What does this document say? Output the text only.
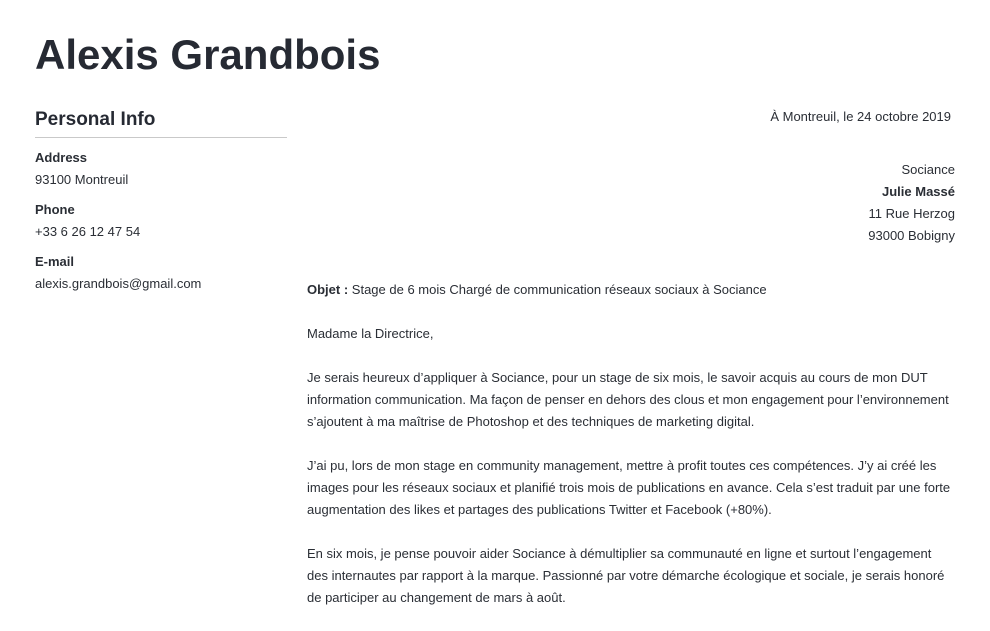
Alexis Grandbois
Personal Info
Address
93100 Montreuil
Phone
+33 6 26 12 47 54
E-mail
alexis.grandbois@gmail.com
À Montreuil, le 24 octobre 2019
Sociance
Julie Massé
11 Rue Herzog
93000 Bobigny

Objet : Stage de 6 mois Chargé de communication réseaux sociaux à Sociance

Madame la Directrice,

Je serais heureux d’appliquer à Sociance, pour un stage de six mois, le savoir acquis au cours de mon DUT information communication. Ma façon de penser en dehors des clous et mon engagement pour l’environnement s’ajoutent à ma maîtrise de Photoshop et des techniques de marketing digital.

J’ai pu, lors de mon stage en community management, mettre à profit toutes ces compétences. J’y ai créé les images pour les réseaux sociaux et planifié trois mois de publications en avance. Cela s’est traduit par une forte augmentation des likes et partages des publications Twitter et Facebook (+80%).

En six mois, je pense pouvoir aider Sociance à démultiplier sa communauté en ligne et surtout l’engagement des internautes par rapport à la marque. Passionné par votre démarche écologique et sociale, je serais honoré de participer au changement de mars à août.
